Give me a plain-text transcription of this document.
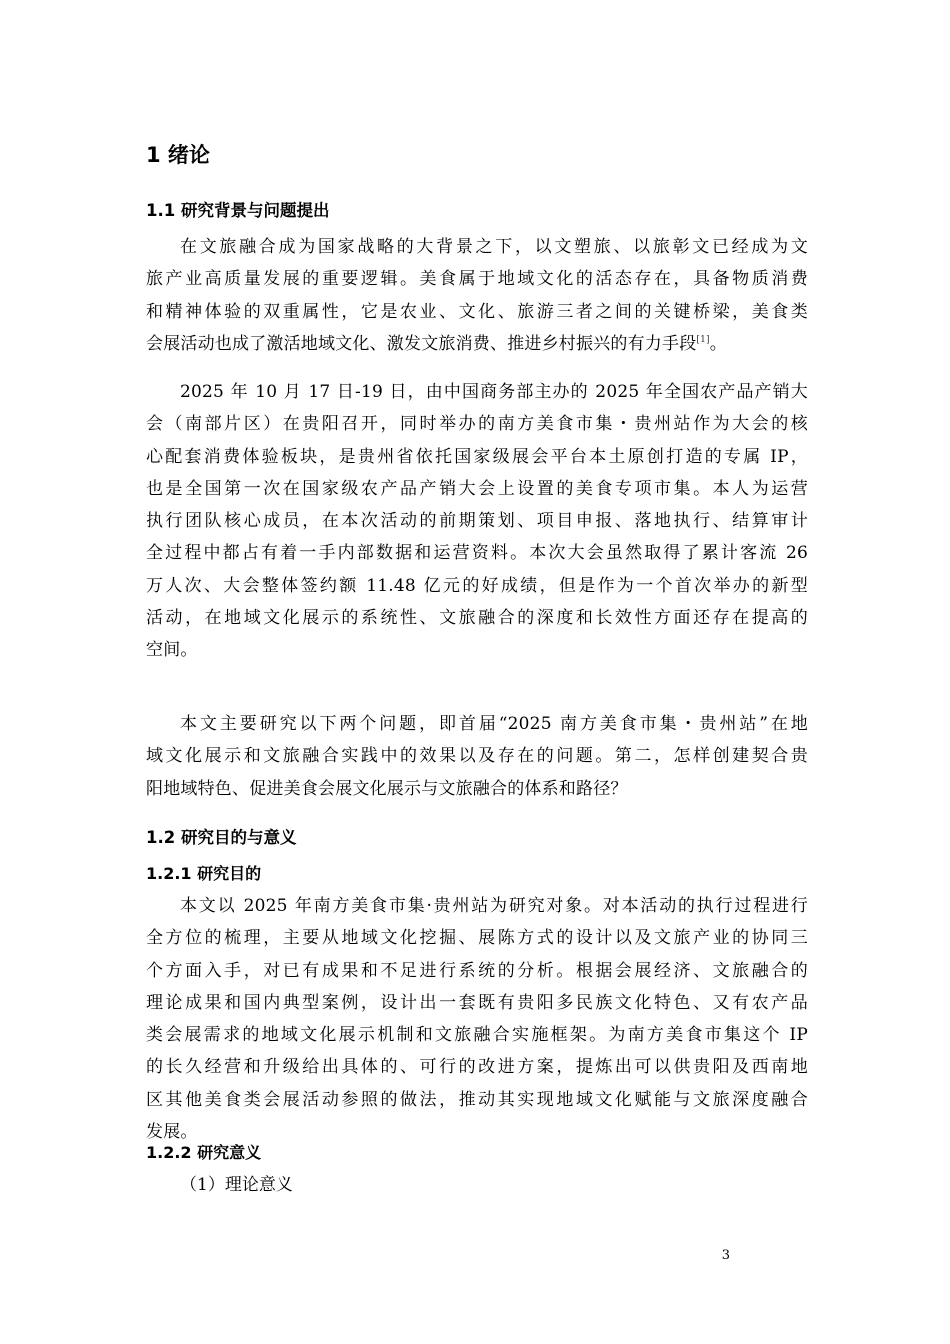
1 绪论
1.1 研究背景与问题提出
在文旅融合成为国家战略的大背景之下，以文塑旅、以旅彰文已经成为文
旅产业高质量发展的重要逻辑。美食属于地域文化的活态存在，具备物质消费
和精神体验的双重属性，它是农业、文化、旅游三者之间的关键桥梁，美食类
会展活动也成了激活地域文化、激发文旅消费、推进乡村振兴的有力手段[1]。
2025 年 10 月 17 日-19 日，由中国商务部主办的 2025 年全国农产品产销大
会（南部片区）在贵阳召开，同时举办的南方美食市集・贵州站作为大会的核
心配套消费体验板块，是贵州省依托国家级展会平台本土原创打造的专属 IP，
也是全国第一次在国家级农产品产销大会上设置的美食专项市集。本人为运营
执行团队核心成员，在本次活动的前期策划、项目申报、落地执行、结算审计
全过程中都占有着一手内部数据和运营资料。本次大会虽然取得了累计客流 26
万人次、大会整体签约额 11.48 亿元的好成绩，但是作为一个首次举办的新型
活动，在地域文化展示的系统性、文旅融合的深度和长效性方面还存在提高的
空间。
本文主要研究以下两个问题，即首届“2025 南方美食市集・贵州站”在地
域文化展示和文旅融合实践中的效果以及存在的问题。第二，怎样创建契合贵
阳地域特色、促进美食会展文化展示与文旅融合的体系和路径？
1.2 研究目的与意义
1.2.1 研究目的
本文以 2025 年南方美食市集·贵州站为研究对象。对本活动的执行过程进行
全方位的梳理，主要从地域文化挖掘、展陈方式的设计以及文旅产业的协同三
个方面入手，对已有成果和不足进行系统的分析。根据会展经济、文旅融合的
理论成果和国内典型案例，设计出一套既有贵阳多民族文化特色、又有农产品
类会展需求的地域文化展示机制和文旅融合实施框架。为南方美食市集这个 IP
的长久经营和升级给出具体的、可行的改进方案，提炼出可以供贵阳及西南地
区其他美食类会展活动参照的做法，推动其实现地域文化赋能与文旅深度融合
发展。
1.2.2 研究意义
（1）理论意义
3
